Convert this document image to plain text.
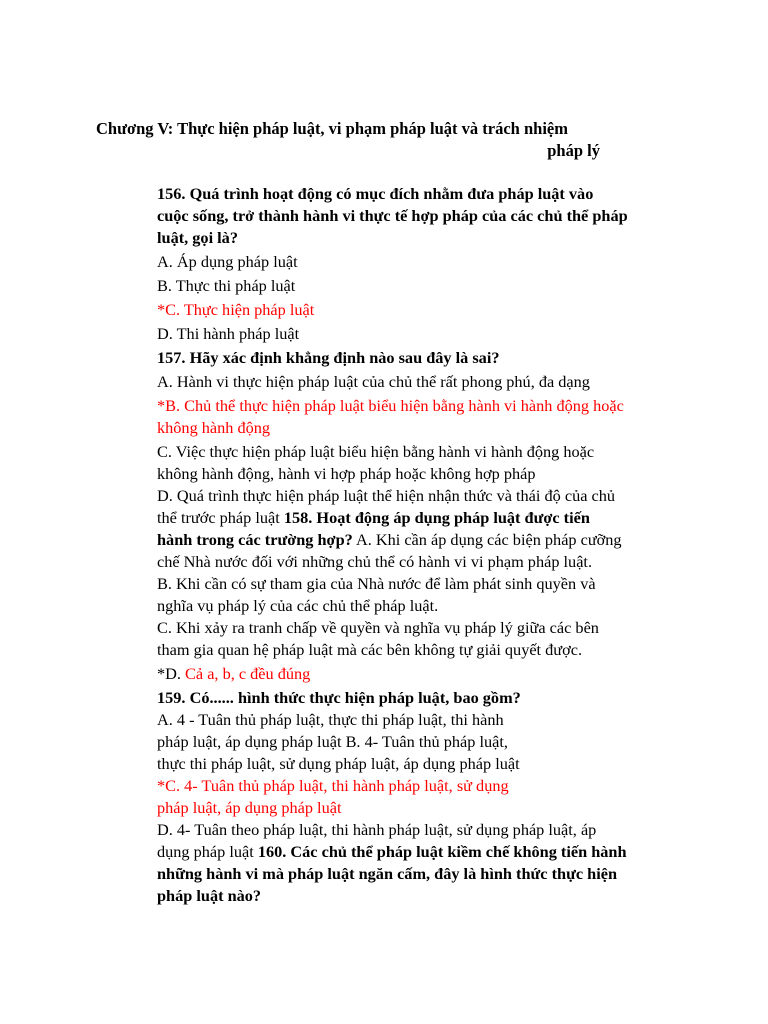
Chương V: Thực hiện pháp luật, vi phạm pháp luật và trách nhiệm
pháp lý

156. Quá trình hoạt động có mục đích nhằm đưa pháp luật vào cuộc sống, trở thành hành vi thực tế hợp pháp của các chủ thể pháp luật, gọi là?

A. Áp dụng pháp luật

B. Thực thi pháp luật

*C. Thực hiện pháp luật

D. Thi hành pháp luật

157. Hãy xác định khẳng định nào sau đây là sai?

A. Hành vi thực hiện pháp luật của chủ thể rất phong phú, đa dạng

*B. Chủ thể thực hiện pháp luật biểu hiện bằng hành vi hành động hoặc không hành động

C. Việc thực hiện pháp luật biểu hiện bằng hành vi hành động hoặc không hành động, hành vi hợp pháp hoặc không hợp pháp

D. Quá trình thực hiện pháp luật thể hiện nhận thức và thái độ của chủ thể trước pháp luật 158. Hoạt động áp dụng pháp luật được tiến hành trong các trường hợp? A. Khi cần áp dụng các biện pháp cưỡng chế Nhà nước đối với những chủ thể có hành vi vi phạm pháp luật.

B. Khi cần có sự tham gia của Nhà nước để làm phát sinh quyền và nghĩa vụ pháp lý của các chủ thể pháp luật.

C. Khi xảy ra tranh chấp về quyền và nghĩa vụ pháp lý giữa các bên tham gia quan hệ pháp luật mà các bên không tự giải quyết được.

*D. Cả a, b, c đều đúng

159. Có...... hình thức thực hiện pháp luật, bao gồm?

A. 4 - Tuân thủ pháp luật, thực thi pháp luật, thi hành pháp luật, áp dụng pháp luật B. 4- Tuân thủ pháp luật, thực thi pháp luật, sử dụng pháp luật, áp dụng pháp luật *C. 4- Tuân thủ pháp luật, thi hành pháp luật, sử dụng pháp luật, áp dụng pháp luật

D. 4- Tuân theo pháp luật, thi hành pháp luật, sử dụng pháp luật, áp dụng pháp luật 160. Các chủ thể pháp luật kiềm chế không tiến hành những hành vi mà pháp luật ngăn cấm, đây là hình thức thực hiện pháp luật nào?
